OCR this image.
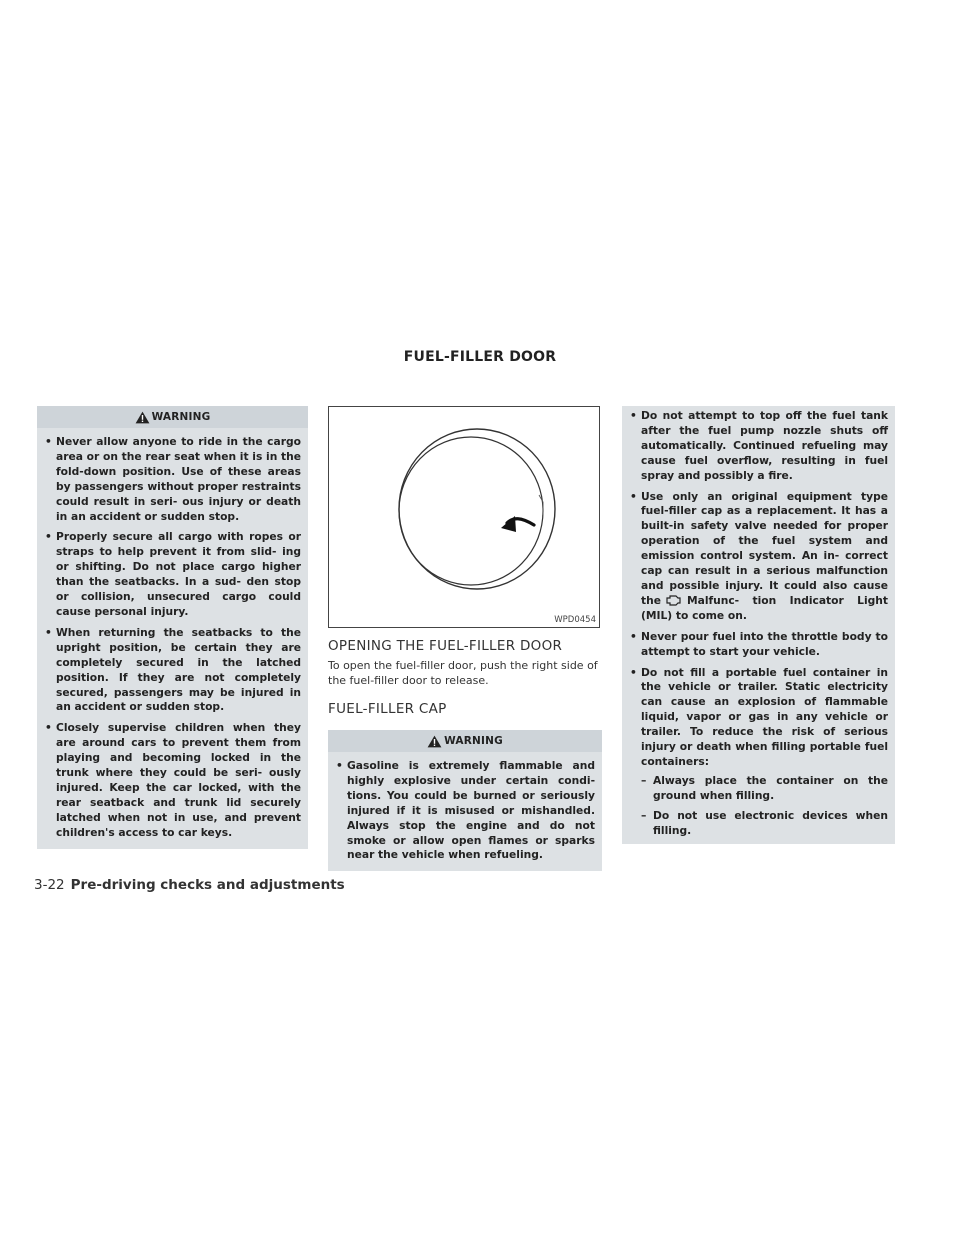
FUEL-FILLER DOOR
WARNING
• Never allow anyone to ride in the cargo area or on the rear seat when it is in the fold-down position. Use of these areas by passengers without proper restraints could result in seri- ous injury or death in an accident or sudden stop.
• Properly secure all cargo with ropes or straps to help prevent it from slid- ing or shifting. Do not place cargo higher than the seatbacks. In a sud- den stop or collision, unsecured cargo could cause personal injury.
• When returning the seatbacks to the upright position, be certain they are completely secured in the latched position. If they are not completely secured, passengers may be injured in an accident or sudden stop.
• Closely supervise children when they are around cars to prevent them from playing and becoming locked in the trunk where they could be seri- ously injured. Keep the car locked, with the rear seatback and trunk lid securely latched when not in use, and prevent children's access to car keys.
WPD0454
OPENING THE FUEL-FILLER DOOR
To open the fuel-filler door, push the right side of the fuel-filler door to release.
FUEL-FILLER CAP
WARNING
• Gasoline is extremely flammable and highly explosive under certain condi- tions. You could be burned or seriously injured if it is misused or mishandled. Always stop the engine and do not smoke or allow open flames or sparks near the vehicle when refueling.
• Do not attempt to top off the fuel tank after the fuel pump nozzle shuts off automatically. Continued refueling may cause fuel overflow, resulting in fuel spray and possibly a fire.
• Use only an original equipment type fuel-filler cap as a replacement. It has a built-in safety valve needed for proper operation of the fuel system and emission control system. An in- correct cap can result in a serious malfunction and possible injury. It could also cause the Malfunc- tion Indicator Light (MIL) to come on.
• Never pour fuel into the throttle body to attempt to start your vehicle.
• Do not fill a portable fuel container in the vehicle or trailer. Static electricity can cause an explosion of flammable liquid, vapor or gas in any vehicle or trailer. To reduce the risk of serious injury or death when filling portable fuel containers:
– Always place the container on the ground when filling.
– Do not use electronic devices when filling.
3-22 Pre-driving checks and adjustments
